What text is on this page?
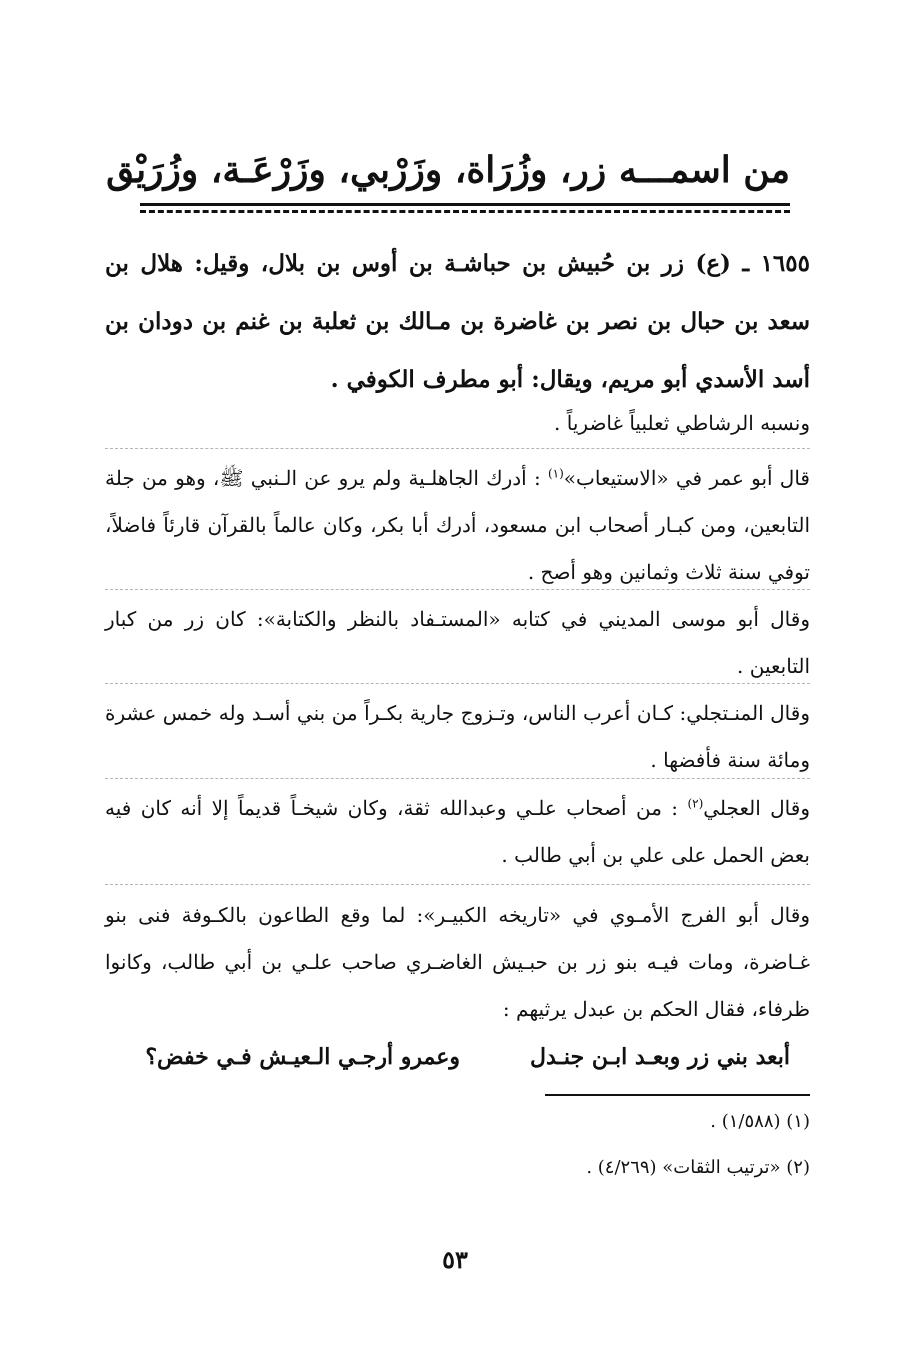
من اسمـــه زر، وزُرَاة، وزَرْبي، وزَرْعَـة، وزُرَيْق
١٦٥٥ ـ (ع) زر بن حُبيش بن حباشـة بن أوس بن بلال، وقيل: هلال بن سعد بن حبال بن نصر بن غاضرة بن مـالك بن ثعلبة بن غنم بن دودان بن أسد الأسدي أبو مريم، ويقال: أبو مطرف الكوفي .
ونسبه الرشاطي ثعلبياً غاضرياً .
قال أبو عمر في «الاستيعاب»$^{(١)}$ : أدرك الجاهلـية ولم يرو عن الـنبي ﷺ، وهو من جلة التابعين، ومن كبـار أصحاب ابن مسعود، أدرك أبا بكر، وكان عالماً بالقرآن قارئاً فاضلاً، توفي سنة ثلاث وثمانين وهو أصح .
وقال أبو موسى المديني في كتابه «المستـفاد بالنظر والكتابة»: كان زر من كبار التابعين .
وقال المنـتجلي: كـان أعرب الناس، وتـزوج جارية بكـراً من بني أسـد وله خمس عشرة ومائة سنة فأفضها .
وقال العجلي$^{(٢)}$ : من أصحاب علـي وعبدالله ثقة، وكان شيخـاً قديماً إلا أنه كان فيه بعض الحمل على علي بن أبي طالب .
وقال أبو الفرج الأمـوي في «تاريخه الكبيـر»: لما وقع الطاعون بالكـوفة فنى بنو غـاضرة، ومات فيـه بنو زر بن حبـيش الغاضـري صاحب علـي بن أبي طالب، وكانوا ظرفاء، فقال الحكم بن عبدل يرثيهم :
أبعد بني زر وبعـد ابـن جنـدل
وعمرو أرجـي الـعيـش فـي خفض؟
(١) (١/٥٨٨) .
(٢) «ترتيب الثقات» (٤/٢٦٩) .
٥٣
